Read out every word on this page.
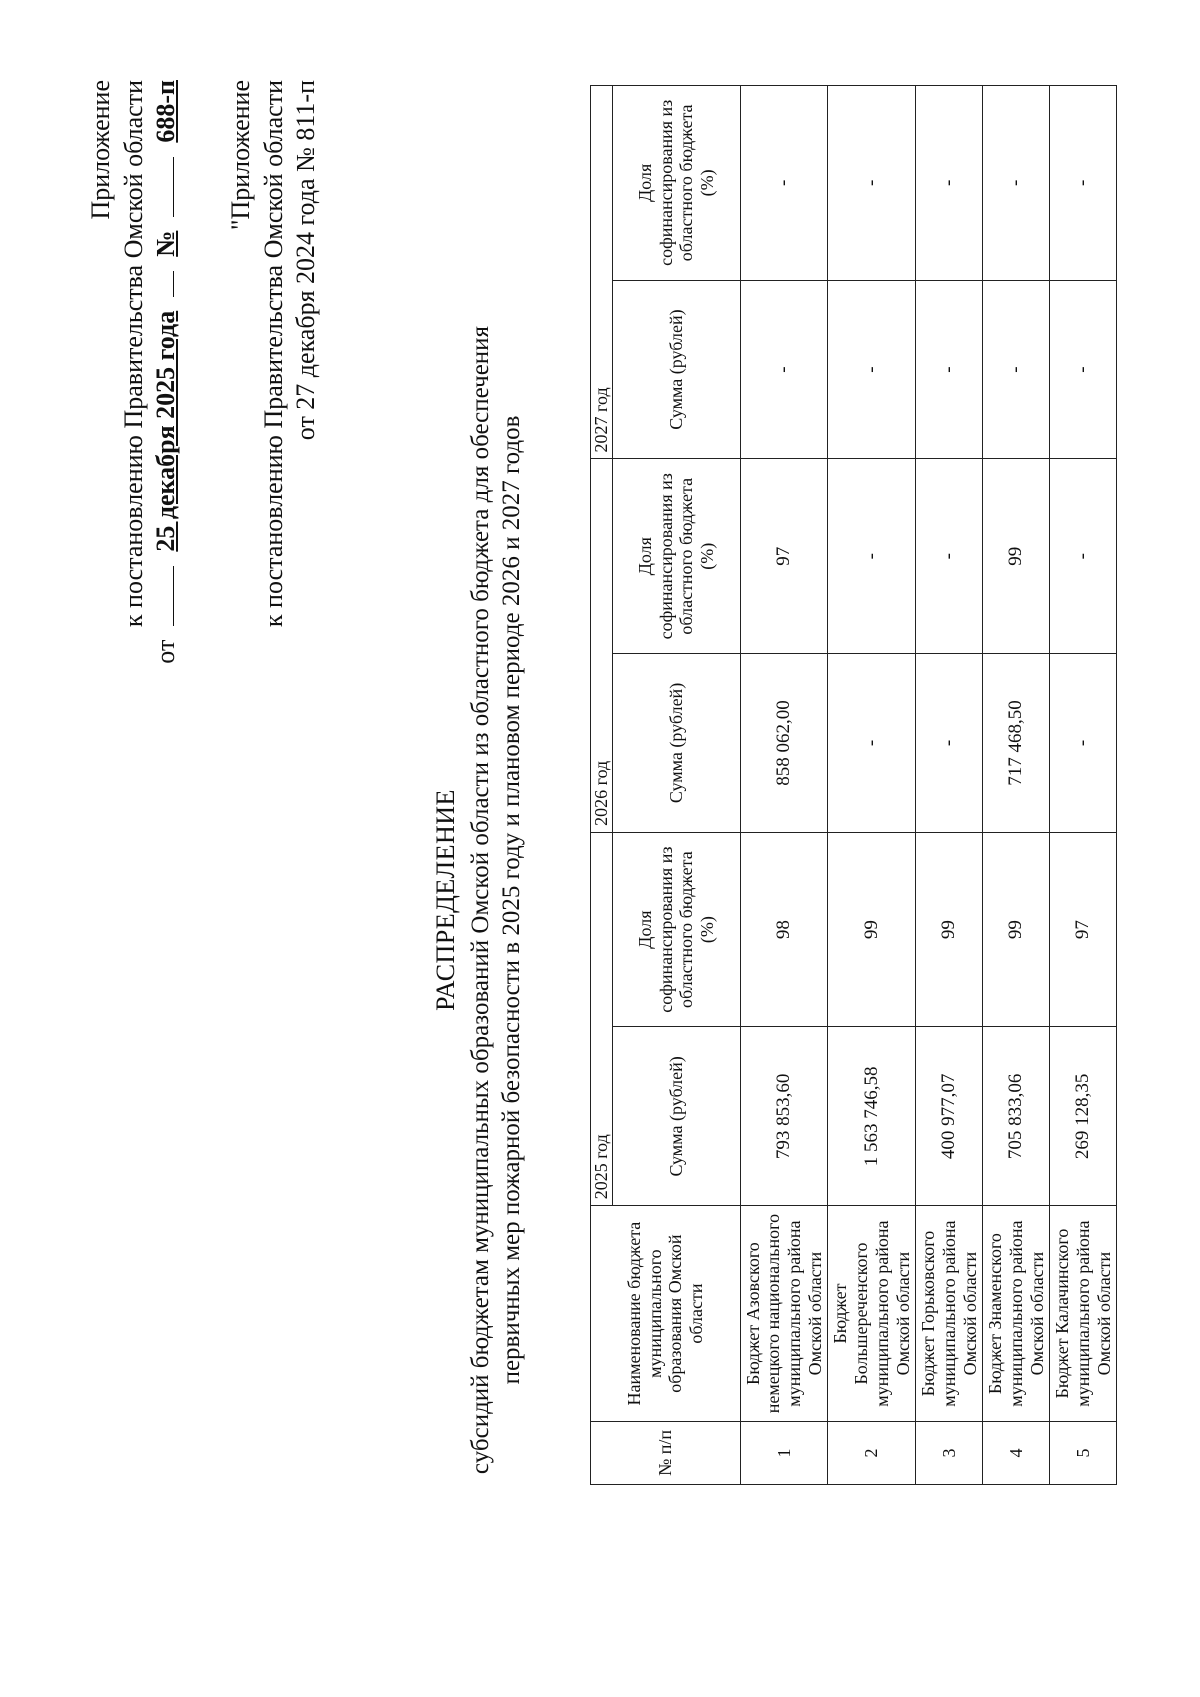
Приложение к постановлению Правительства Омской области
от
25 декабря 2025 года
№
688-п "Приложение к постановлению Правительства Омской области от 27 декабря 2024 года № 811-п
РАСПРЕДЕЛЕНИЕ субсидий бюджетам муниципальных образований Омской области из областного бюджета для обеспечения первичных мер пожарной безопасности в 2025 году и плановом периоде 2026 и 2027 годов
№ п/п	Наименование бюджета муниципального образования Омской области	2025 год		2026 год		2027 год	
		Сумма (рублей)	Доля софинансирования из областного бюджета (%)	Сумма (рублей)	Доля софинансирования из областного бюджета (%)	Сумма (рублей)	Доля софинансирования из областного бюджета (%)
1	Бюджет Азовского немецкого национального муниципального района Омской области	793 853,60	98	858 062,00	97	-	-
2	Бюджет Большереченского муниципального района Омской области	1 563 746,58	99	-	-	-	-
3	Бюджет Горьковского муниципального района Омской области	400 977,07	99	-	-	-	-
4	Бюджет Знаменского муниципального района Омской области	705 833,06	99	717 468,50	99	-	-
5	Бюджет Калачинского муниципального района Омской области	269 128,35	97	-	-	-	-
